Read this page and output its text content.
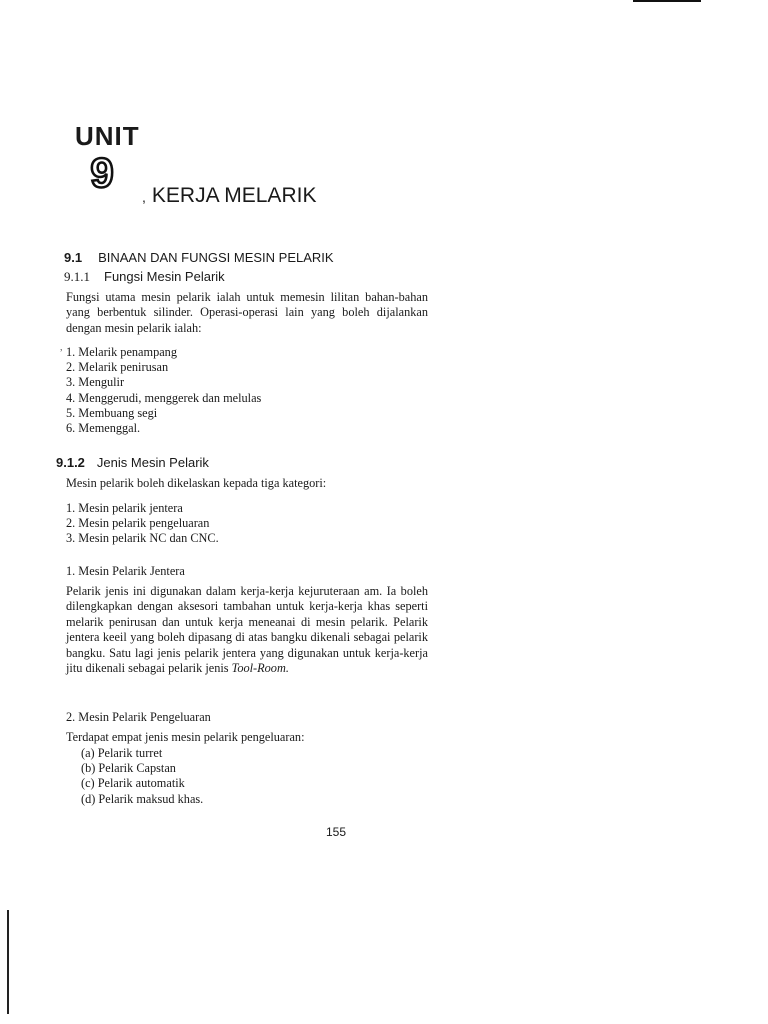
UNIT
9
, KERJA MELARIK
9.1 BINAAN DAN FUNGSI MESIN PELARIK
9.1.1 Fungsi Mesin Pelarik
Fungsi utama mesin pelarik ialah untuk memesin lilitan bahan-bahan yang berbentuk silinder. Operasi-operasi lain yang boleh dijalankan dengan mesin pelarik ialah:
, 1. Melarik penampang
2. Melarik penirusan
3. Mengulir
4. Menggerudi, menggerek dan melulas
5. Membuang segi
6. Memenggal.
9.1.2 Jenis Mesin Pelarik
Mesin pelarik boleh dikelaskan kepada tiga kategori:
1. Mesin pelarik jentera
2. Mesin pelarik pengeluaran
3. Mesin pelarik NC dan CNC.
1. Mesin Pelarik Jentera
Pelarik jenis ini digunakan dalam kerja-kerja kejuruteraan am. Ia boleh dilengkapkan dengan aksesori tambahan untuk kerja-kerja khas seperti melarik penirusan dan untuk kerja meneanai di mesin pelarik. Pelarik jentera keeil yang boleh dipasang di atas bangku dikenali sebagai pelarik bangku. Satu lagi jenis pelarik jentera yang digunakan untuk kerja-kerja jitu dikenali sebagai pelarik jenis Tool-Room.
2. Mesin Pelarik Pengeluaran
Terdapat empat jenis mesin pelarik pengeluaran:
(a) Pelarik turret
(b) Pelarik Capstan
(c) Pelarik automatik
(d) Pelarik maksud khas.
155
